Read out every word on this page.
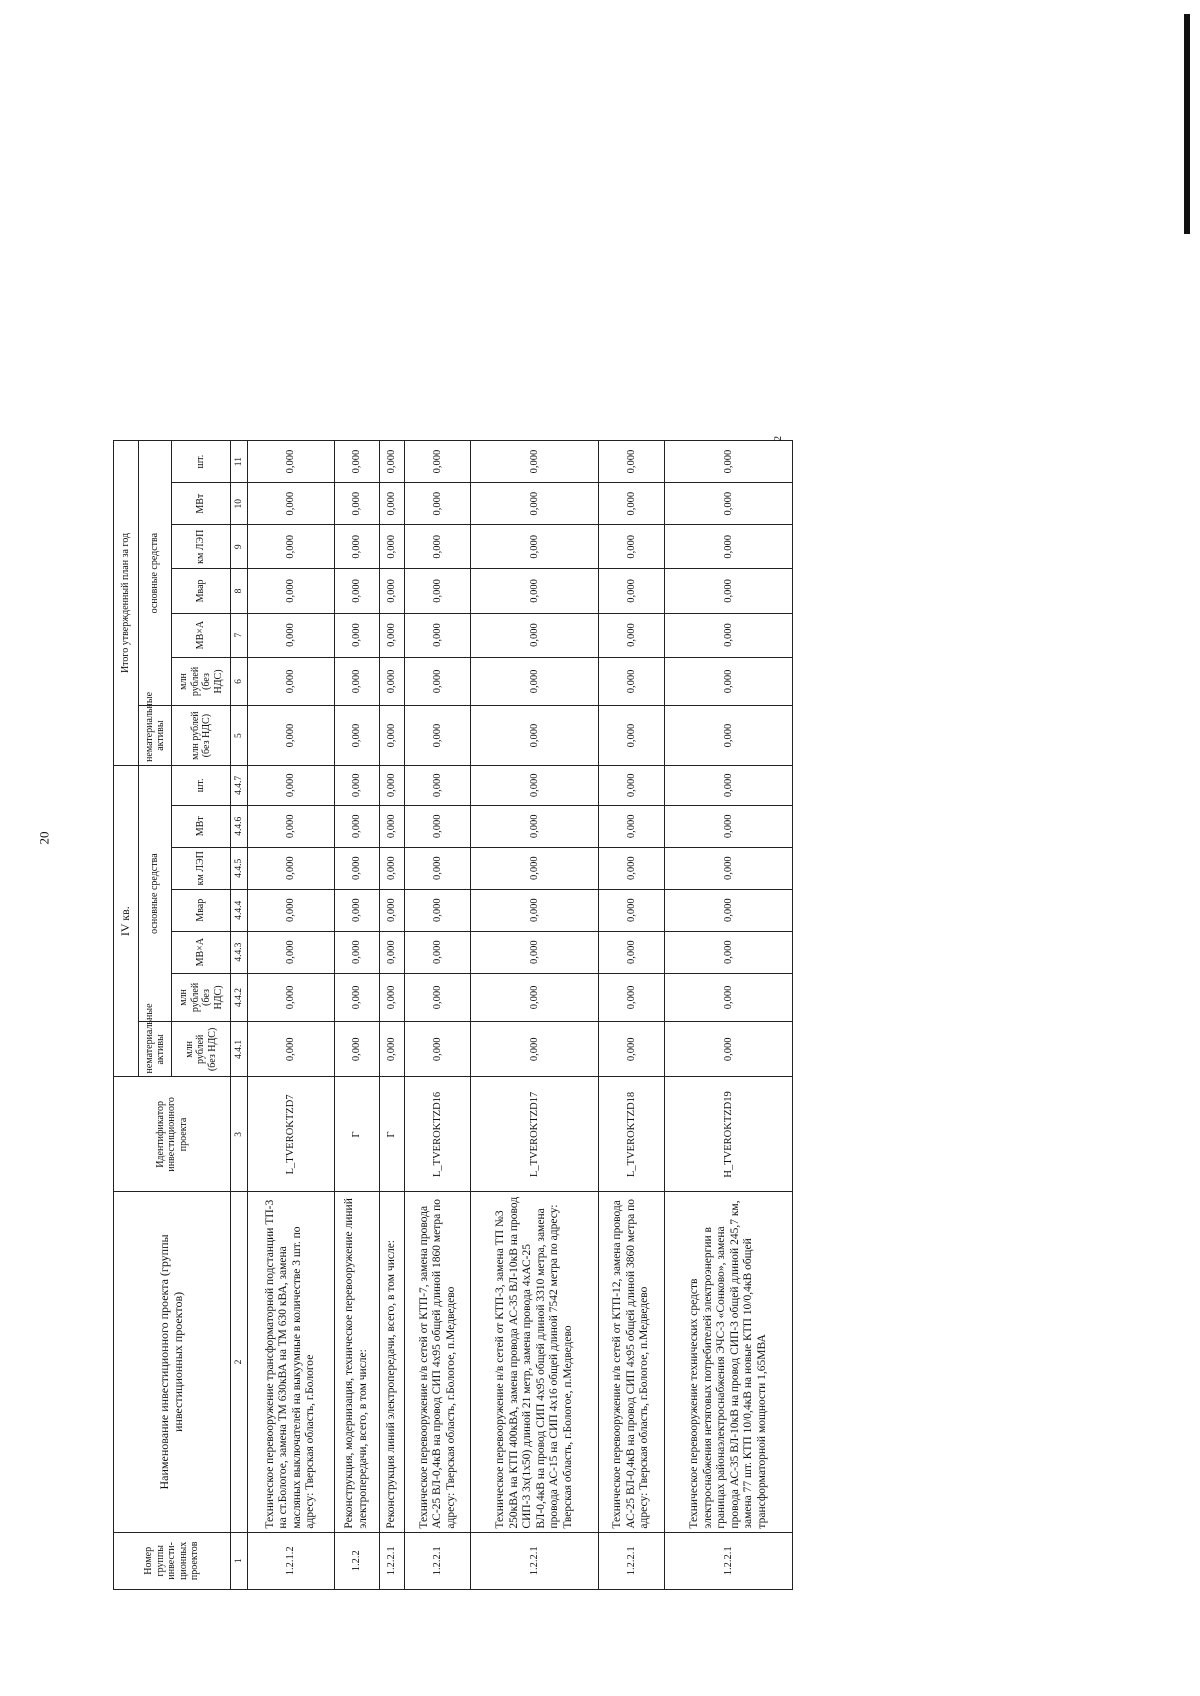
20
Номер группы инвести-ционных проектов	Наименование инвестиционного проекта (группы инвестиционных проектов)	Идентификатор инвестиционного проекта	IV кв.							Итого утвержденный план за год						
			нематериальные активы	основные средства						нематериальные активы	основные средства					
			млн рублей (без НДС)	млн рублей (без НДС)	МВ×А	Мвар	км ЛЭП	МВт	шт.	млн рублей (без НДС)	млн рублей (без НДС)	МВ×А	Мвар	км ЛЭП	МВт	шт.
1	2	3	4.4.1	4.4.2	4.4.3	4.4.4	4.4.5	4.4.6	4.4.7	5	6	7	8	9	10	11
1.2.1.2	Техническое перевооружение трансформаторной подстанции ТП-3 на ст.Бологое, замена ТМ 630кВА на ТМ 630 кВА, замена масляных выключателей на выкуумные в количестве 3 шт. по адресу: Тверская область, г.Бологое	L_TVEROKTZD7	0,000	0,000	0,000	0,000	0,000	0,000	0,000	0,000	0,000	0,000	0,000	0,000	0,000	0,000
1.2.2	Реконструкция, модернизация, техническое перевооружение линий электропередачи, всего, в том числе:	Г	0,000	0,000	0,000	0,000	0,000	0,000	0,000	0,000	0,000	0,000	0,000	0,000	0,000	0,000
1.2.2.1	Реконструкция линий электропередачи, всего, в том числе:	Г	0,000	0,000	0,000	0,000	0,000	0,000	0,000	0,000	0,000	0,000	0,000	0,000	0,000	0,000
1.2.2.1	Техническое перевооружение н/в сетей от КТП-7, замена провода АС-25 ВЛ-0,4кВ на провод СИП 4х95 общей длиной 1860 метра по адресу: Тверская область, г.Бологое, п.Медведево	L_TVEROKTZD16	0,000	0,000	0,000	0,000	0,000	0,000	0,000	0,000	0,000	0,000	0,000	0,000	0,000	0,000
1.2.2.1	Техническое перевооружение н/в сетей от КТП-3, замена ТП №3 250кВА на КТП 400кВА, замена провода АС-35 ВЛ-10кВ на провод СИП-3 3х(1х50) длиной 21 метр, замена провода 4хАС-25 ВЛ-0,4кВ на провод СИП 4х95 общей длиной 3310 метра, замена провода АС-15 на СИП 4х16 общей длиной 7542 метра по адресу: Тверская область, г.Бологое, п.Медведево	L_TVEROKTZD17	0,000	0,000	0,000	0,000	0,000	0,000	0,000	0,000	0,000	0,000	0,000	0,000	0,000	0,000
1.2.2.1	Техническое перевооружение н/в сетей от КТП-12, замена провода АС-25 ВЛ-0,4кВ на провод СИП 4х95 общей длиной 3860 метра по адресу: Тверская область, г.Бологое, п.Медведево	L_TVEROKTZD18	0,000	0,000	0,000	0,000	0,000	0,000	0,000	0,000	0,000	0,000	0,000	0,000	0,000	0,000
1.2.2.1	Техническое перевооружение технических средств электроснабжения нетяговых потребителей электроэнергии в границах районаэлектроснабжения ЭЧС-3 «Сонково», замена провода АС-35 ВЛ-10кВ на провод СИП-3 общей длиной 245,7 км, замена 77 шт. КТП 10/0,4кВ на новые КТП 10/0,4кВ общей трансформаторной мощности 1,65МВА	H_TVEROKTZD19	0,000	0,000	0,000	0,000	0,000	0,000	0,000	0,000	0,000	0,000	0,000	0,000	0,000	0,000
2
